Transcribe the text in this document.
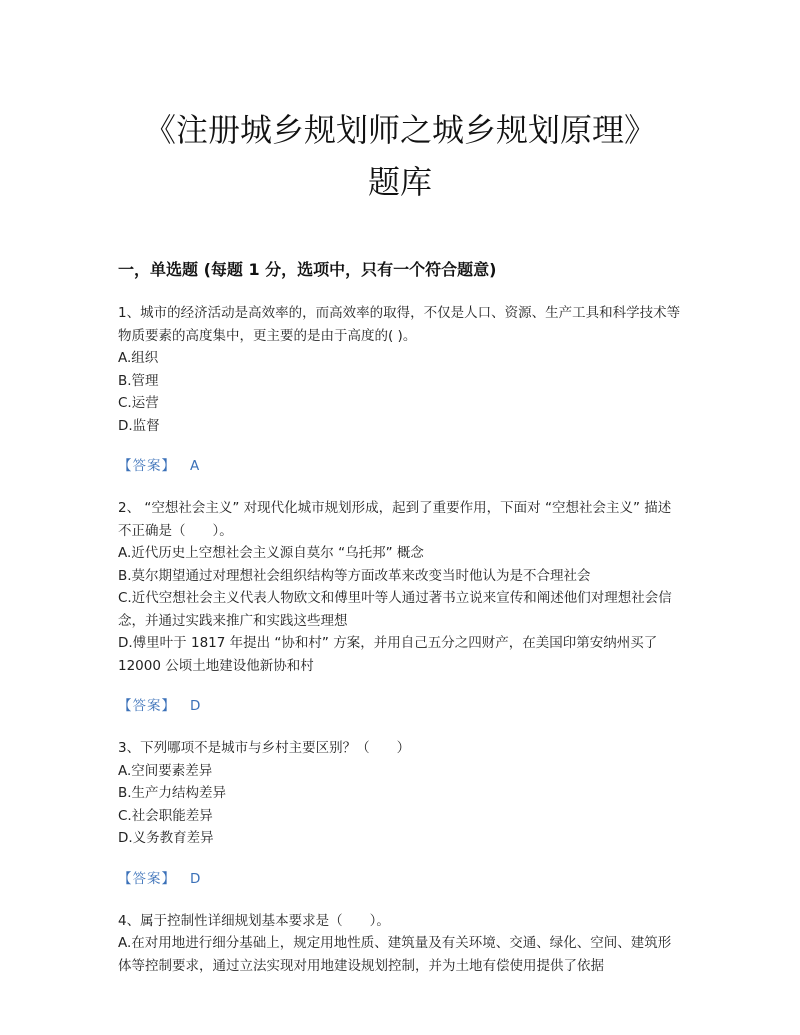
《注册城乡规划师之城乡规划原理》
题库
一，单选题 (每题 1 分，选项中，只有一个符合题意)

1、城市的经济活动是高效率的，而高效率的取得，不仅是人口、资源、生产工具和科学技术等物质要素的高度集中，更主要的是由于高度的( )。

A.组织

B.管理

C.运营

D.监督

【答案】 A

2、 “空想社会主义” 对现代化城市规划形成，起到了重要作用，下面对 “空想社会主义” 描述不正确是（　　）。

A.近代历史上空想社会主义源自莫尔 “乌托邦” 概念

B.莫尔期望通过对理想社会组织结构等方面改革来改变当时他认为是不合理社会

C.近代空想社会主义代表人物欧文和傅里叶等人通过著书立说来宣传和阐述他们对理想社会信念，并通过实践来推广和实践这些理想

D.傅里叶于 1817 年提出 “协和村” 方案，并用自己五分之四财产，在美国印第安纳州买了 12000 公顷土地建设他新协和村

【答案】 D

3、下列哪项不是城市与乡村主要区别？（　　）

A.空间要素差异

B.生产力结构差异

C.社会职能差异

D.义务教育差异

【答案】 D

4、属于控制性详细规划基本要求是（　　）。

A.在对用地进行细分基础上，规定用地性质、建筑量及有关环境、交通、绿化、空间、建筑形体等控制要求，通过立法实现对用地建设规划控制，并为土地有偿使用提供了依据
